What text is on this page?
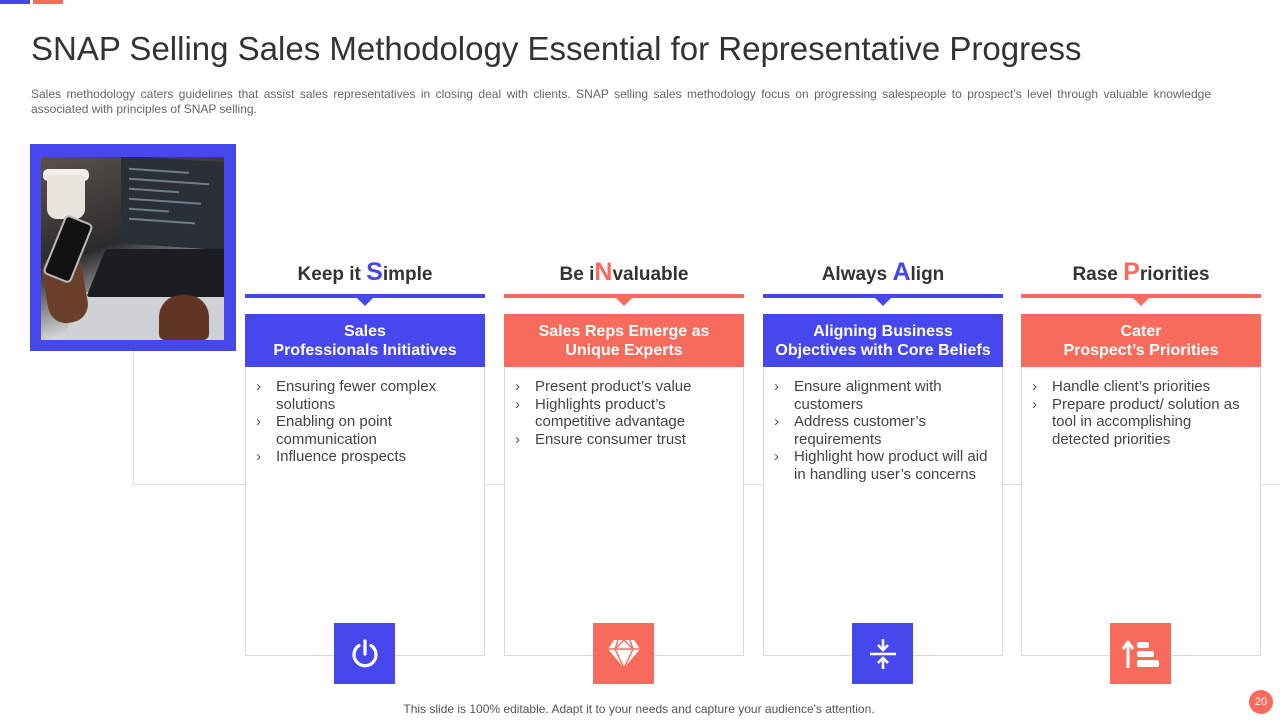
SNAP Selling Sales Methodology Essential for Representative Progress

Sales methodology caters guidelines that assist sales representatives in closing deal with clients. SNAP selling sales methodology focus on progressing salespeople to prospect’s level through valuable knowledge associated with principles of SNAP selling.

Keep it Simple
Sales
Professionals Initiatives
› Ensuring fewer complex solutions
› Enabling on point communication
› Influence prospects
Be iNvaluable
Sales Reps Emerge as
Unique Experts
› Present product’s value
› Highlights product’s competitive advantage
› Ensure consumer trust
Always Align
Aligning Business
Objectives with Core Beliefs
› Ensure alignment with customers
› Address customer’s requirements
› Highlight how product will aid in handling user’s concerns
Rase Priorities
Cater
Prospect’s Priorities
› Handle client’s priorities
› Prepare product/ solution as tool in accomplishing detected priorities
This slide is 100% editable. Adapt it to your needs and capture your audience's attention.	20
